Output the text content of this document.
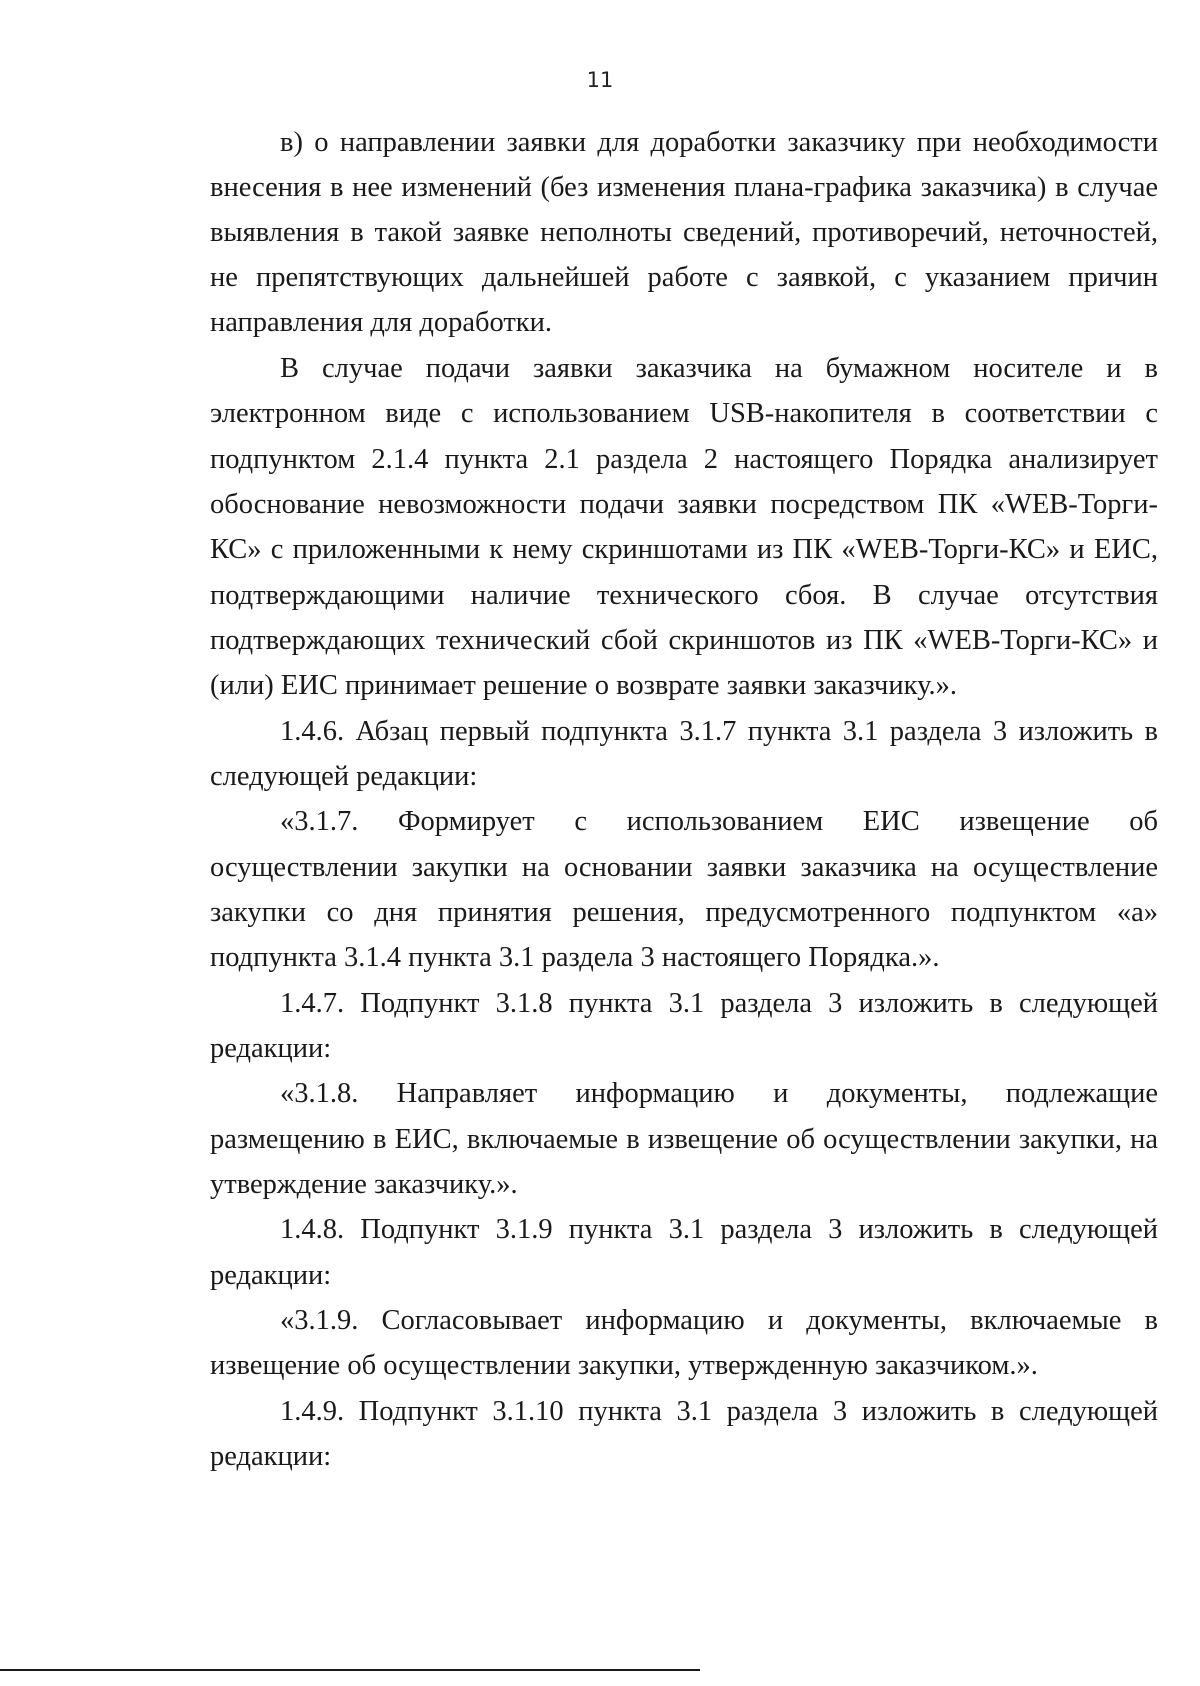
11
в) о направлении заявки для доработки заказчику при необходимости
внесения в нее изменений (без изменения плана-графика заказчика) в случае
выявления в такой заявке неполноты сведений, противоречий, неточностей,
не препятствующих дальнейшей работе с заявкой, с указанием причин
направления для доработки.
В случае подачи заявки заказчика на бумажном носителе и в
электронном виде с использованием USB-накопителя в соответствии с
подпунктом 2.1.4 пункта 2.1 раздела 2 настоящего Порядка анализирует
обоснование невозможности подачи заявки посредством ПК «WEB-Торги-
КС» с приложенными к нему скриншотами из ПК «WEB-Торги-КС» и ЕИС,
подтверждающими наличие технического сбоя. В случае отсутствия
подтверждающих технический сбой скриншотов из ПК «WEB-Торги-КС» и
(или) ЕИС принимает решение о возврате заявки заказчику.».
1.4.6. Абзац первый подпункта 3.1.7 пункта 3.1 раздела 3 изложить в
следующей редакции:
«3.1.7. Формирует с использованием ЕИС извещение об
осуществлении закупки на основании заявки заказчика на осуществление
закупки со дня принятия решения, предусмотренного подпунктом «а»
подпункта 3.1.4 пункта 3.1 раздела 3 настоящего Порядка.».
1.4.7. Подпункт 3.1.8 пункта 3.1 раздела 3 изложить в следующей
редакции:
«3.1.8. Направляет информацию и документы, подлежащие
размещению в ЕИС, включаемые в извещение об осуществлении закупки, на
утверждение заказчику.».
1.4.8. Подпункт 3.1.9 пункта 3.1 раздела 3 изложить в следующей
редакции:
«3.1.9. Согласовывает информацию и документы, включаемые в
извещение об осуществлении закупки, утвержденную заказчиком.».
1.4.9. Подпункт 3.1.10 пункта 3.1 раздела 3 изложить в следующей
редакции:
